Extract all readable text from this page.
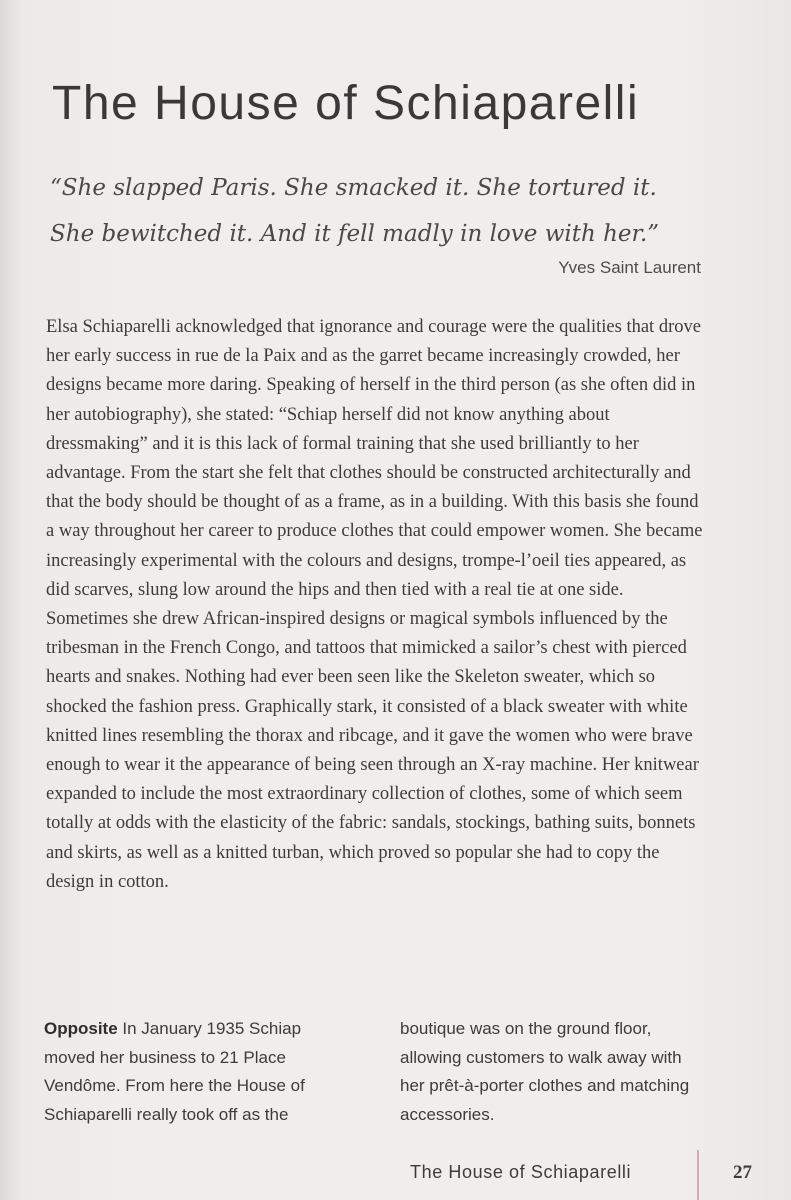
The House of Schiaparelli
“She slapped Paris. She smacked it. She tortured it. She bewitched it. And it fell madly in love with her.”
Yves Saint Laurent

Elsa Schiaparelli acknowledged that ignorance and courage were the qualities that drove her early success in rue de la Paix and as the garret became increasingly crowded, her designs became more daring. Speaking of herself in the third person (as she often did in her autobiography), she stated: “Schiap herself did not know anything about dressmaking” and it is this lack of formal training that she used brilliantly to her advantage. From the start she felt that clothes should be constructed architecturally and that the body should be thought of as a frame, as in a building. With this basis she found a way throughout her career to produce clothes that could empower women. She became increasingly experimental with the colours and designs, trompe-l’oeil ties appeared, as did scarves, slung low around the hips and then tied with a real tie at one side. Sometimes she drew African-inspired designs or magical symbols influenced by the tribesman in the French Congo, and tattoos that mimicked a sailor’s chest with pierced hearts and snakes. Nothing had ever been seen like the Skeleton sweater, which so shocked the fashion press. Graphically stark, it consisted of a black sweater with white knitted lines resembling the thorax and ribcage, and it gave the women who were brave enough to wear it the appearance of being seen through an X-ray machine. Her knitwear expanded to include the most extraordinary collection of clothes, some of which seem totally at odds with the elasticity of the fabric: sandals, stockings, bathing suits, bonnets and skirts, as well as a knitted turban, which proved so popular she had to copy the design in cotton.

Opposite In January 1935 Schiap moved her business to 21 Place Vendôme. From here the House of Schiaparelli really took off as the boutique was on the ground floor, allowing customers to walk away with her prêt-à-porter clothes and matching accessories.
The House of Schiaparelli	27
